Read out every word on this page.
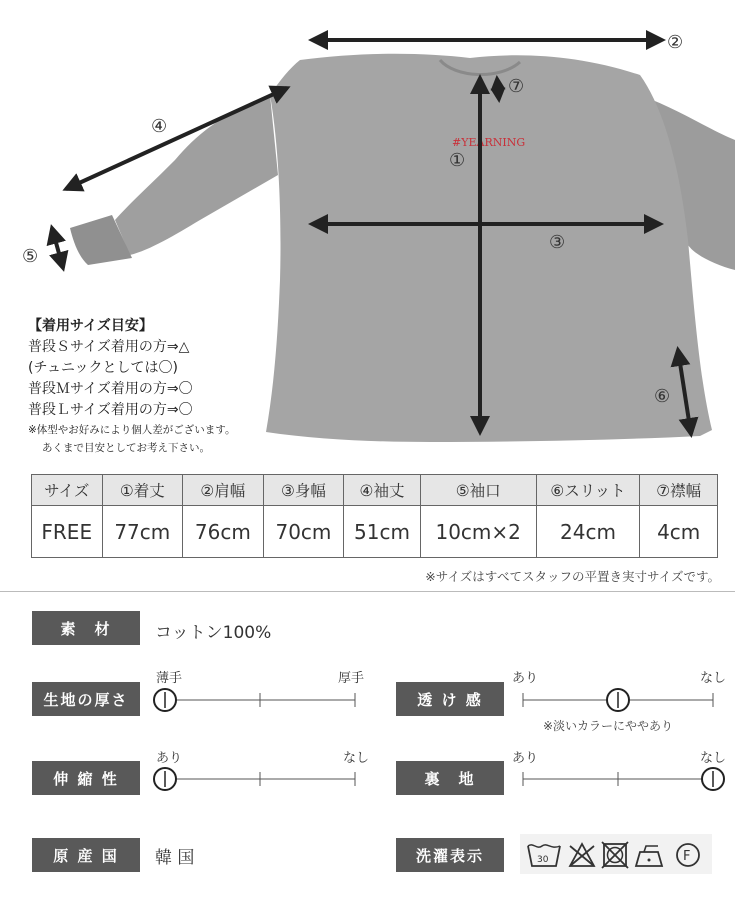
#YEARNING
①
②
③
④
⑤
⑥
⑦
【着用サイズ目安】
普段Ｓサイズ着用の方⇒△
(チュニックとしては〇)
普段Ｍサイズ着用の方⇒〇
普段Ｌサイズ着用の方⇒〇
※体型やお好みにより個人差がございます。
あくまで目安としてお考え下さい。
サイズ	①着丈	②肩幅	③身幅	④袖丈	⑤袖口	⑥スリット	⑦襟幅
FREE	77cm	76cm	70cm	51cm	10cm×2	24cm	4cm
※サイズはすべてスタッフの平置き実寸サイズです。
素　材	コットン100%
生地の厚さ
薄手	厚手
透 け 感
あり	なし
※淡いカラーにややあり
伸 縮 性
あり	なし
裏　地
あり	なし
原 産 国	韓 国	洗濯表示	30	F
